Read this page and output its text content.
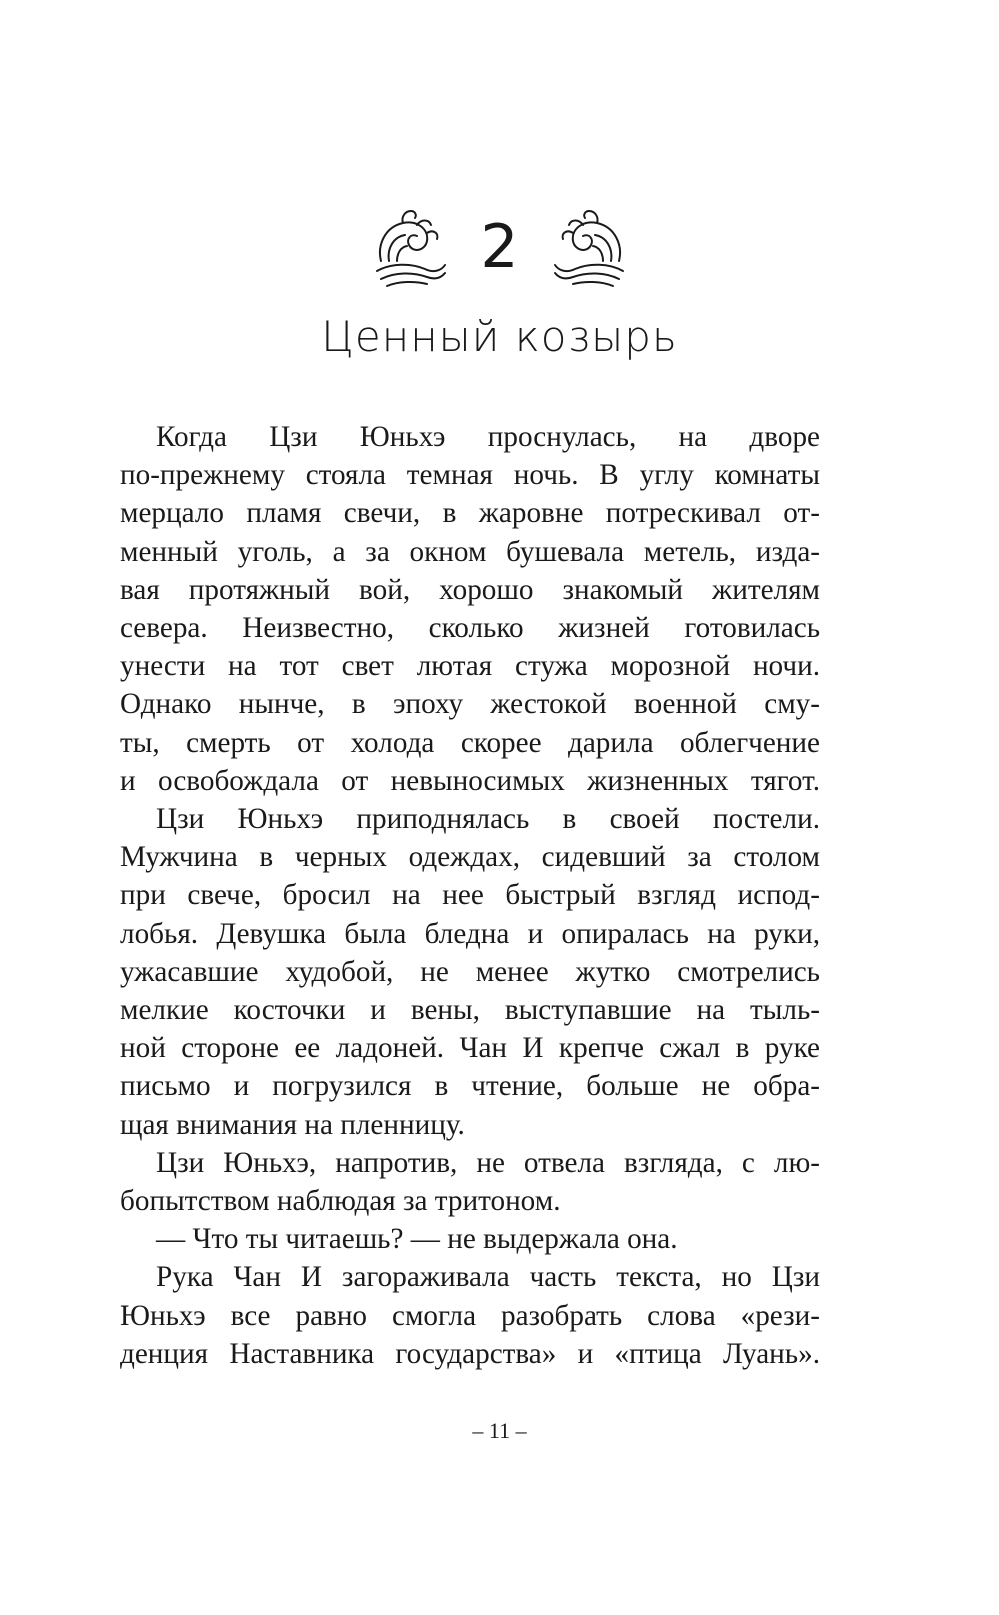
2
Ценный козырь

Когда Цзи Юньхэ проснулась, на дворе
по-прежнему стояла темная ночь. В углу комнаты
мерцало пламя свечи, в жаровне потрескивал от-
менный уголь, а за окном бушевала метель, изда-
вая протяжный вой, хорошо знакомый жителям
севера. Неизвестно, сколько жизней готовилась
унести на тот свет лютая стужа морозной ночи.
Однако нынче, в эпоху жестокой военной сму-
ты, смерть от холода скорее дарила облегчение
и освобождала от невыносимых жизненных тягот.

Цзи Юньхэ приподнялась в своей постели.
Мужчина в черных одеждах, сидевший за столом
при свече, бросил на нее быстрый взгляд испод-
лобья. Девушка была бледна и опиралась на руки,
ужасавшие худобой, не менее жутко смотрелись
мелкие косточки и вены, выступавшие на тыль-
ной стороне ее ладоней. Чан И крепче сжал в руке
письмо и погрузился в чтение, больше не обра-
щая внимания на пленницу.

Цзи Юньхэ, напротив, не отвела взгляда, с лю-
бопытством наблюдая за тритоном.

— Что ты читаешь? — не выдержала она.

Рука Чан И загораживала часть текста, но Цзи
Юньхэ все равно смогла разобрать слова «рези-
денция Наставника государства» и «птица Луань».

– 11 –
